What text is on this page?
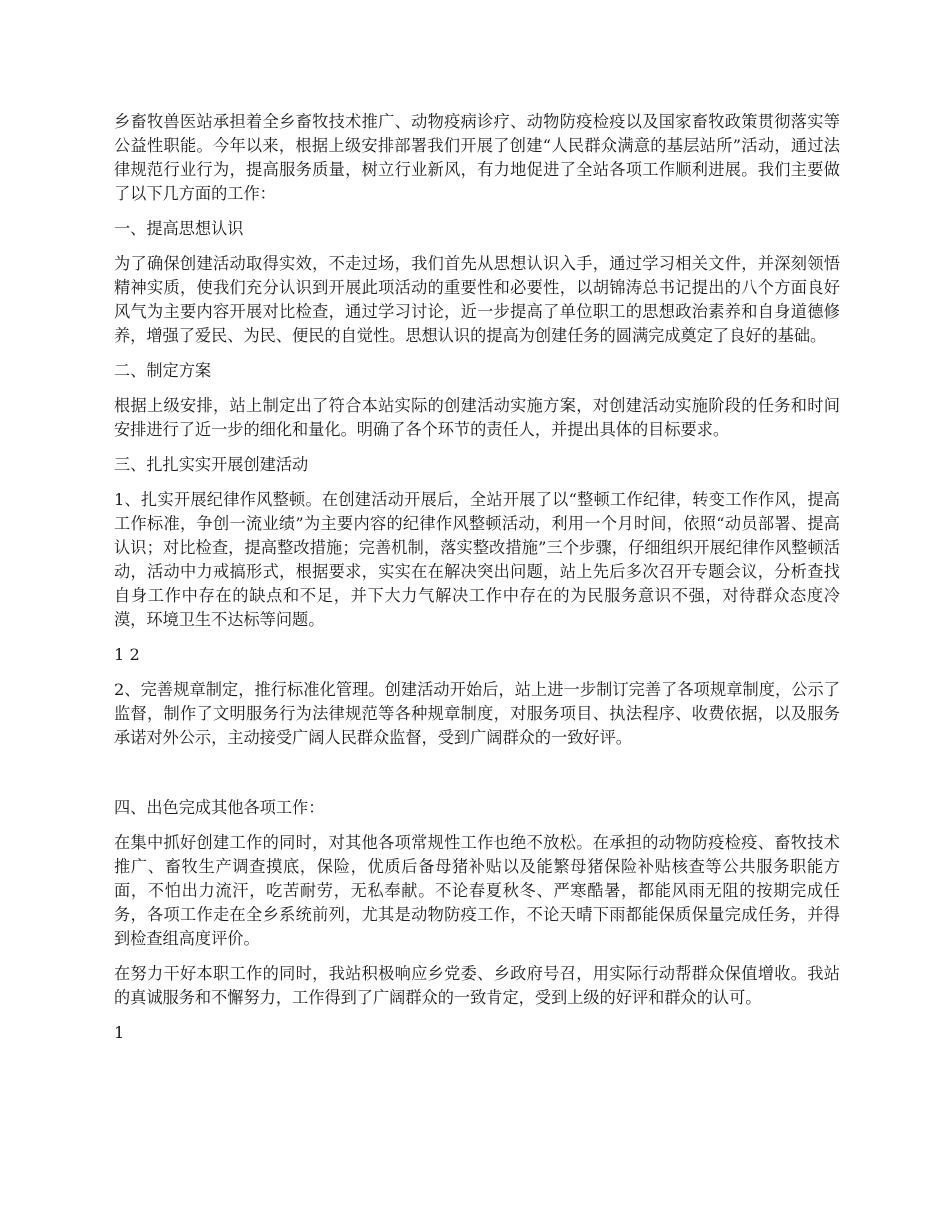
乡畜牧兽医站承担着全乡畜牧技术推广、动物疫病诊疗、动物防疫检疫以及国家畜牧政策贯彻落实等公益性职能。今年以来，根据上级安排部署我们开展了创建“人民群众满意的基层站所”活动，通过法律规范行业行为，提高服务质量，树立行业新风，有力地促进了全站各项工作顺利进展。我们主要做了以下几方面的工作：

一、提高思想认识

为了确保创建活动取得实效，不走过场，我们首先从思想认识入手，通过学习相关文件，并深刻领悟精神实质，使我们充分认识到开展此项活动的重要性和必要性，以胡锦涛总书记提出的八个方面良好风气为主要内容开展对比检查，通过学习讨论，近一步提高了单位职工的思想政治素养和自身道德修养，增强了爱民、为民、便民的自觉性。思想认识的提高为创建任务的圆满完成奠定了良好的基础。

二、制定方案

根据上级安排，站上制定出了符合本站实际的创建活动实施方案，对创建活动实施阶段的任务和时间安排进行了近一步的细化和量化。明确了各个环节的责任人，并提出具体的目标要求。

三、扎扎实实开展创建活动

1、扎实开展纪律作风整顿。在创建活动开展后，全站开展了以“整顿工作纪律，转变工作作风，提高工作标准，争创一流业绩”为主要内容的纪律作风整顿活动，利用一个月时间，依照“动员部署、提高认识；对比检查，提高整改措施；完善机制，落实整改措施”三个步骤，仔细组织开展纪律作风整顿活动，活动中力戒搞形式，根据要求，实实在在解决突出问题，站上先后多次召开专题会议，分析查找自身工作中存在的缺点和不足，并下大力气解决工作中存在的为民服务意识不强，对待群众态度冷漠，环境卫生不达标等问题。

1 2

2、完善规章制定，推行标准化管理。创建活动开始后，站上进一步制订完善了各项规章制度，公示了监督，制作了文明服务行为法律规范等各种规章制度，对服务项目、执法程序、收费依据，以及服务承诺对外公示，主动接受广阔人民群众监督，受到广阔群众的一致好评。

四、出色完成其他各项工作：

在集中抓好创建工作的同时，对其他各项常规性工作也绝不放松。在承担的动物防疫检疫、畜牧技术推广、畜牧生产调查摸底，保险，优质后备母猪补贴以及能繁母猪保险补贴核查等公共服务职能方面，不怕出力流汗，吃苦耐劳，无私奉献。不论春夏秋冬、严寒酷暑，都能风雨无阻的按期完成任务，各项工作走在全乡系统前列，尤其是动物防疫工作，不论天晴下雨都能保质保量完成任务，并得到检查组高度评价。

在努力干好本职工作的同时，我站积极响应乡党委、乡政府号召，用实际行动帮群众保值增收。我站的真诚服务和不懈努力，工作得到了广阔群众的一致肯定，受到上级的好评和群众的认可。

1
